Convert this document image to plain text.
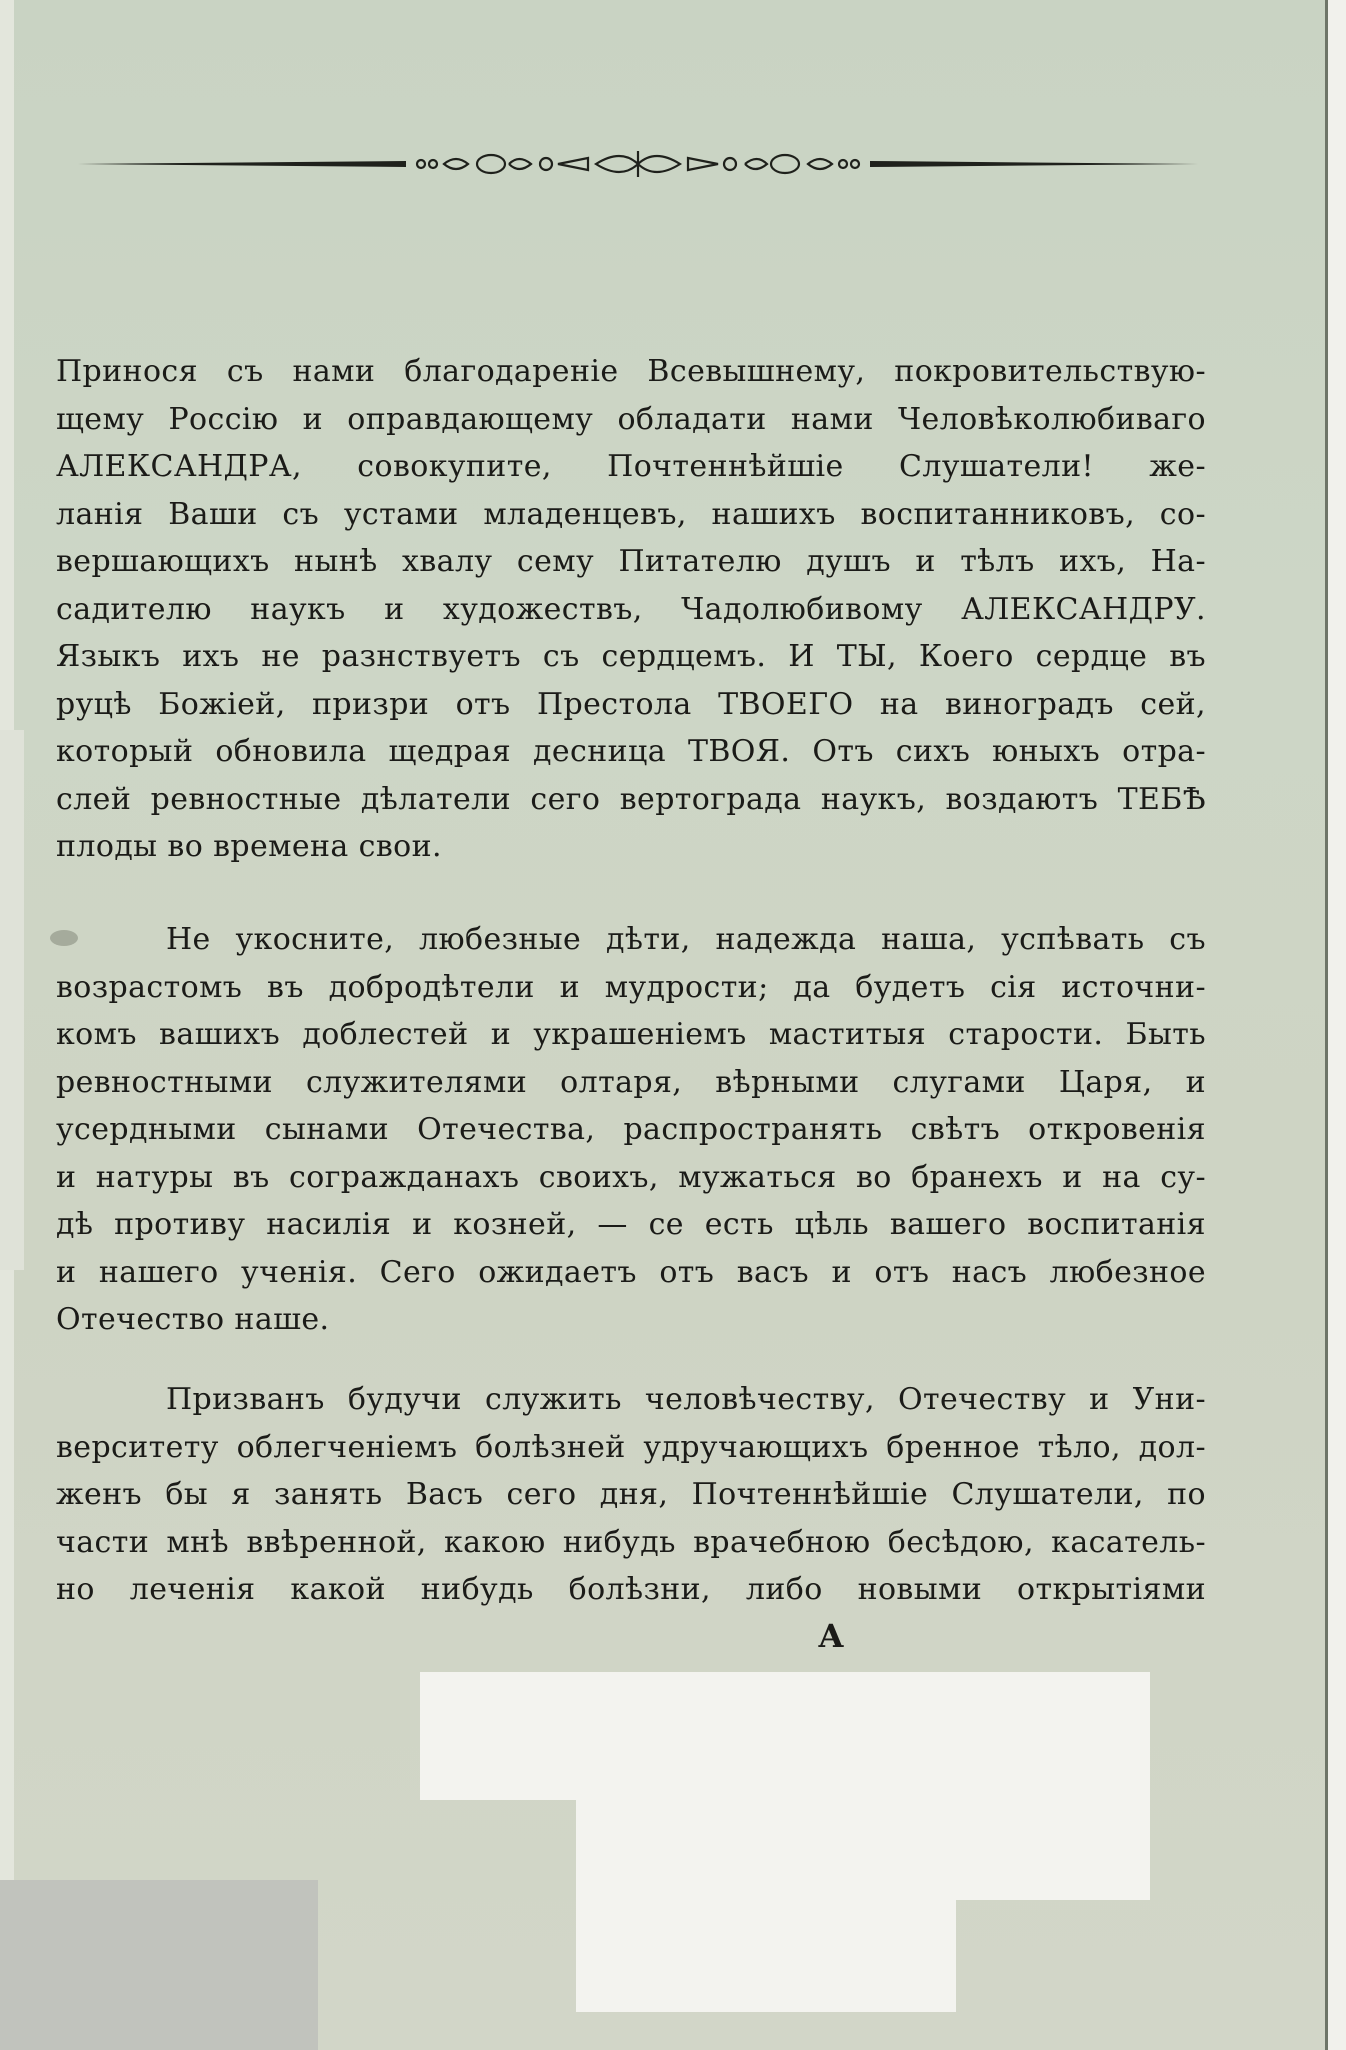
Принося съ нами благодареніе Всевышнему, покровительствую-
щему Россію и оправдающему обладати нами Человѣколюбиваго
АЛЕКСАНДРА, совокупите, Почтеннѣйшіе Слушатели! же-
ланія Ваши съ устами младенцевъ, нашихъ воспитанниковъ, со-
вершающихъ нынѣ хвалу сему Питателю душъ и тѣлъ ихъ, На-
садителю наукъ и художествъ, Чадолюбивому АЛЕКСАНДРУ.
Языкъ ихъ не разнствуетъ съ сердцемъ. И ТЫ, Коего сердце въ
руцѣ Божіей, призри отъ Престола ТВОЕГО на виноградъ сей,
который обновила щедрая десница ТВОЯ. Отъ сихъ юныхъ отра-
слей ревностные дѣлатели сего вертограда наукъ, воздаютъ ТЕБѢ
плоды во времена свои.
Не укосните, любезные дѣти, надежда наша, успѣвать съ
возрастомъ въ добродѣтели и мудрости; да будетъ сія источни-
комъ вашихъ доблестей и украшеніемъ маститыя старости. Быть
ревностными служителями олтаря, вѣрными слугами Царя, и
усердными сынами Отечества, распространять свѣтъ откровенія
и натуры въ согражданахъ своихъ, мужаться во бранехъ и на су-
дѣ противу насилія и козней, — се есть цѣль вашего воспитанія
и нашего ученія. Сего ожидаетъ отъ васъ и отъ насъ любезное
Отечество наше.
Призванъ будучи служить человѣчеству, Отечеству и Уни-
верситету облегченіемъ болѣзней удручающихъ бренное тѣло, дол-
женъ бы я занять Васъ сего дня, Почтеннѣйшіе Слушатели, по
части мнѣ ввѣренной, какою нибудь врачебною бесѣдою, касатель-
но леченія какой нибудь болѣзни, либо новыми открытіями
А
